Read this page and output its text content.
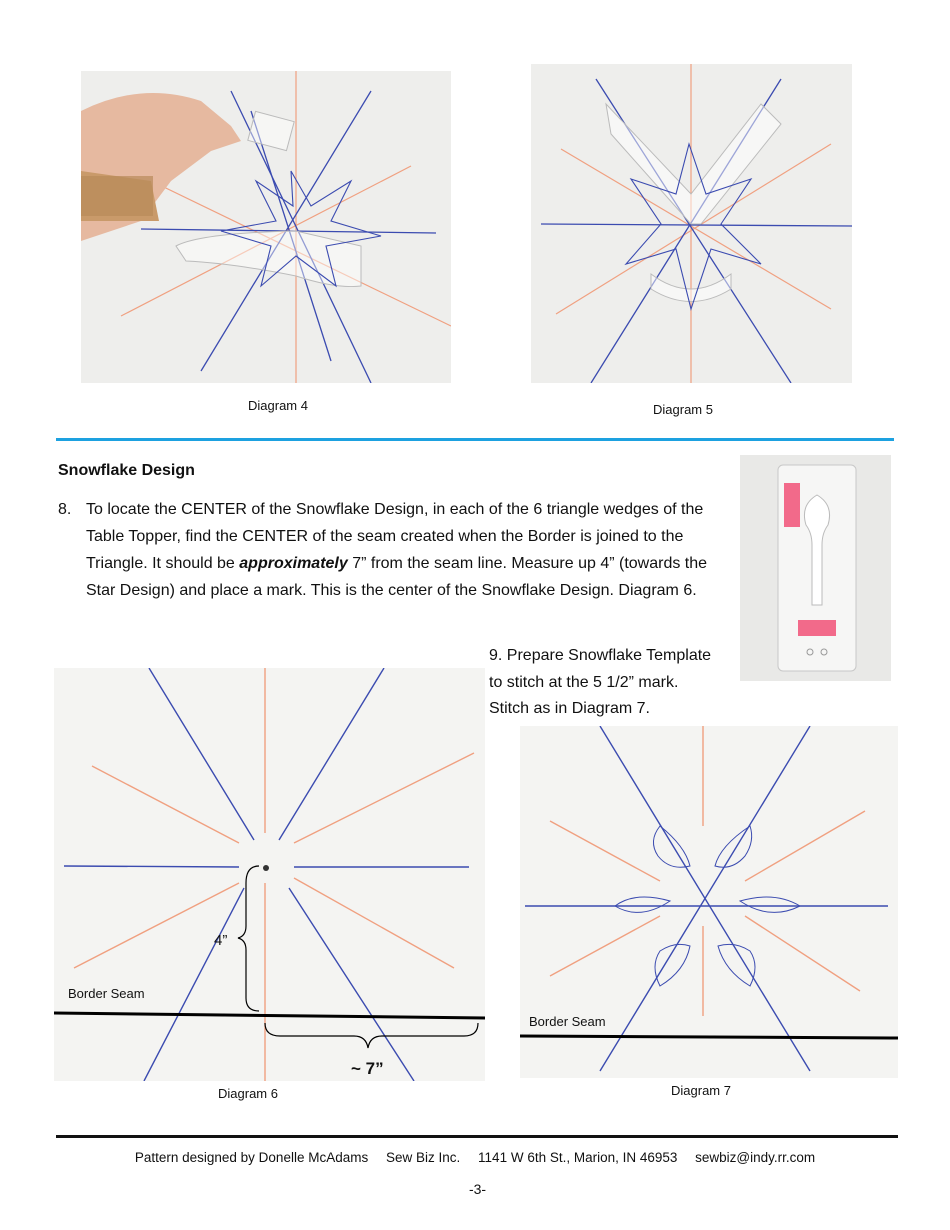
Diagram 4	Diagram 5
Snowflake Design
8. To locate the CENTER of the Snowflake Design, in each of the 6 triangle wedges of the Table Topper, find the CENTER of the seam created when the Border is joined to the Triangle. It should be approximately 7” from the seam line. Measure up 4” (towards the Star Design) and place a mark. This is the center of the Snowflake Design. Diagram 6.
9. Prepare Snowflake Template
to stitch at the 5 1/2” mark.
Stitch as in Diagram 7.
Border Seam
4”
~ 7”
Diagram 6
Border Seam
Diagram 7
Pattern designed by Donelle McAdams Sew Biz Inc. 1141 W 6th St., Marion, IN 46953 sewbiz@indy.rr.com
-3-
